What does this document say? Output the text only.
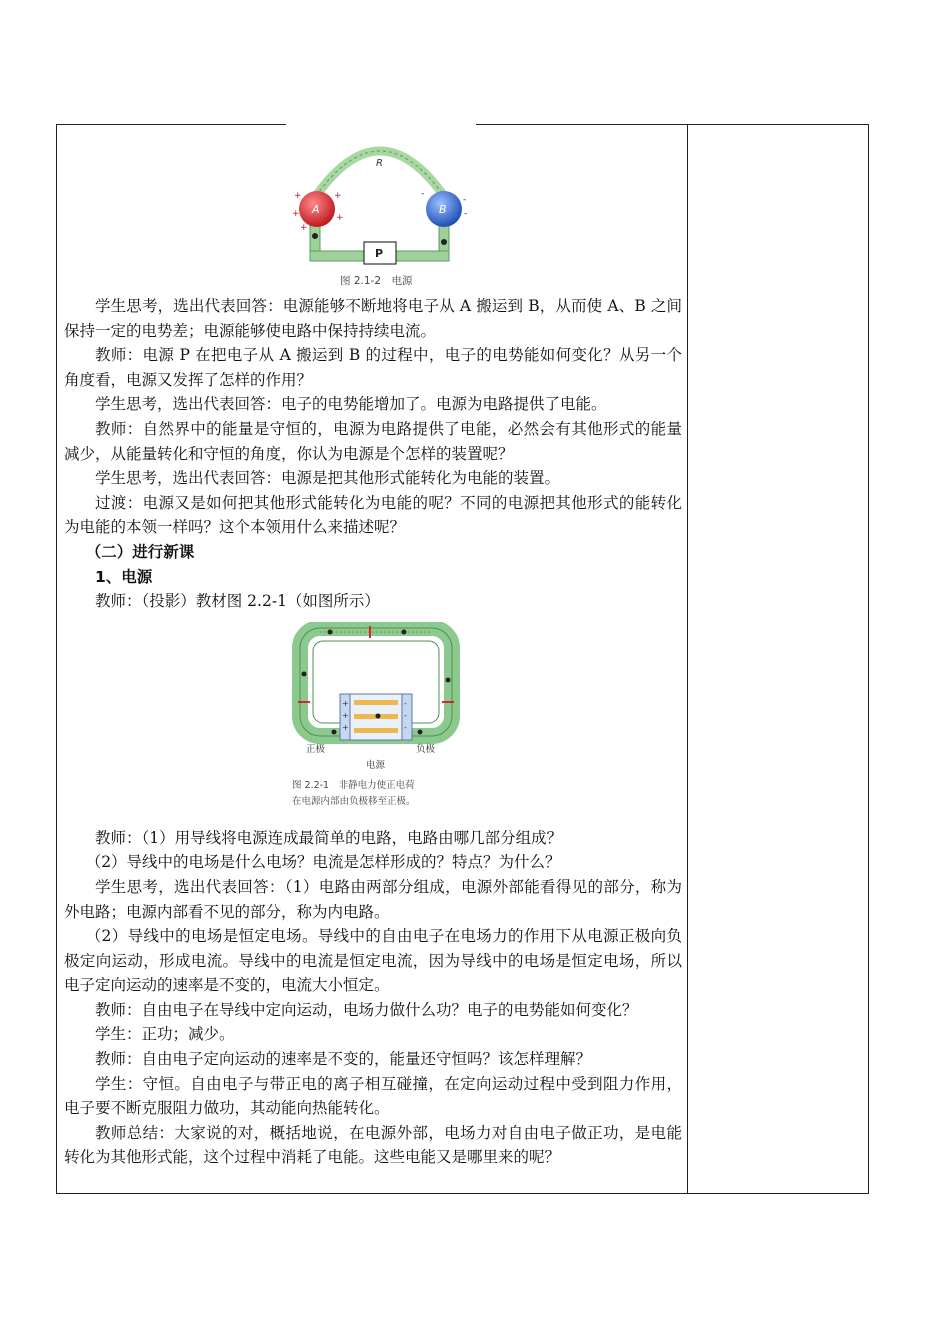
R
A
+	+
+	+
+
B
-
-
-
P
图 2.1-2　电源

学生思考，选出代表回答：电源能够不断地将电子从 A 搬运到 B，从而使 A、B 之间保持一定的电势差；电源能够使电路中保持持续电流。

教师：电源 P 在把电子从 A 搬运到 B 的过程中，电子的电势能如何变化？从另一个角度看，电源又发挥了怎样的作用？

学生思考，选出代表回答：电子的电势能增加了。电源为电路提供了电能。

教师：自然界中的能量是守恒的，电源为电路提供了电能，必然会有其他形式的能量减少，从能量转化和守恒的角度，你认为电源是个怎样的装置呢？

学生思考，选出代表回答：电源是把其他形式能转化为电能的装置。

过渡：电源又是如何把其他形式能转化为电能的呢？不同的电源把其他形式的能转化为电能的本领一样吗？这个本领用什么来描述呢？

（二）进行新课

1、电源

教师：（投影）教材图 2.2-1（如图所示）

+
+
+
-
-
-
正极	负极
电源
图 2.2-1　非静电力使正电荷
在电源内部由负极移至正极。

教师：（1）用导线将电源连成最简单的电路，电路由哪几部分组成？

（2）导线中的电场是什么电场？电流是怎样形成的？特点？为什么？

学生思考，选出代表回答：（1）电路由两部分组成，电源外部能看得见的部分，称为外电路；电源内部看不见的部分，称为内电路。

（2）导线中的电场是恒定电场。导线中的自由电子在电场力的作用下从电源正极向负极定向运动，形成电流。导线中的电流是恒定电流，因为导线中的电场是恒定电场，所以电子定向运动的速率是不变的，电流大小恒定。

教师：自由电子在导线中定向运动，电场力做什么功？电子的电势能如何变化？

学生：正功；减少。

教师：自由电子定向运动的速率是不变的，能量还守恒吗？该怎样理解？

学生：守恒。自由电子与带正电的离子相互碰撞，在定向运动过程中受到阻力作用，电子要不断克服阻力做功，其动能向热能转化。

教师总结：大家说的对，概括地说，在电源外部，电场力对自由电子做正功，是电能转化为其他形式能，这个过程中消耗了电能。这些电能又是哪里来的呢？
